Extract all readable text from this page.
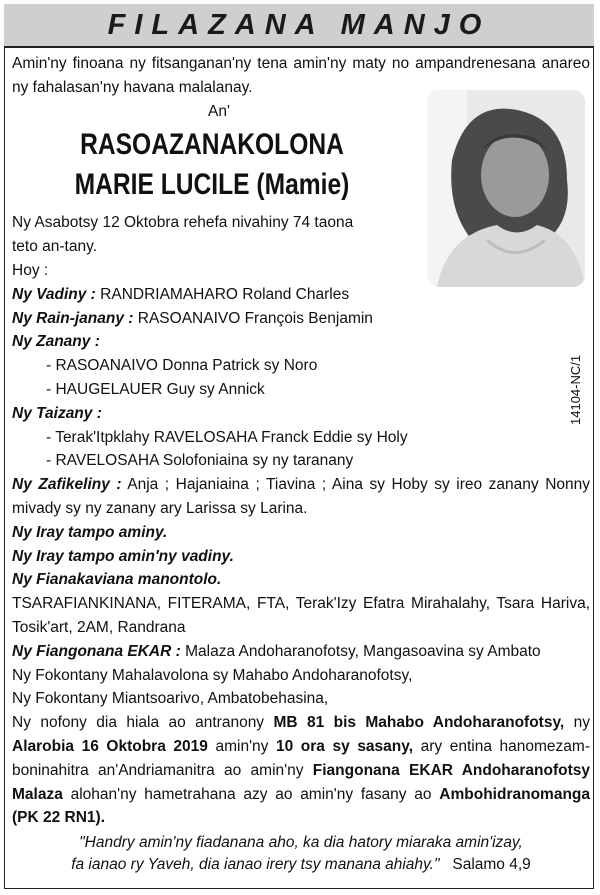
FILAZANA MANJO
14104-NC/1
Amin'ny finoana ny fitsanganan'ny tena amin'ny maty no ampandrenesana anareo ny fahalasan'ny havana malalanay.
An'
RASOAZANAKOLONA
MARIE LUCILE (Mamie)
Ny Asabotsy 12 Oktobra rehefa nivahiny 74 taona teto an-tany.
Hoy :
Ny Vadiny : RANDRIAMAHARO Roland Charles
Ny Rain-janany : RASOANAIVO François Benjamin
Ny Zanany :
- RASOANAIVO Donna Patrick sy Noro
- HAUGELAUER Guy sy Annick
Ny Taizany :
- Terak'Itpklahy RAVELOSAHA Franck Eddie sy Holy
- RAVELOSAHA Solofoniaina sy ny taranany
Ny Zafikeliny : Anja ; Hajaniaina ; Tiavina ; Aina sy Hoby sy ireo zanany Nonny mivady sy ny zanany ary Larissa sy Larina.
Ny Iray tampo aminy.
Ny Iray tampo amin'ny vadiny.
Ny Fianakaviana manontolo.
TSARAFIANKINANA, FITERAMA, FTA, Terak'Izy Efatra Mirahalahy, Tsara Hariva, Tosik'art, 2AM, Randrana
Ny Fiangonana EKAR : Malaza Andoharanofotsy, Mangasoavina sy Ambato
Ny Fokontany Mahalavolona sy Mahabo Andoharanofotsy,
Ny Fokontany Miantsoarivo, Ambatobehasina,
Ny nofony dia hiala ao antranony MB 81 bis Mahabo Andoharanofotsy, ny Alarobia 16 Oktobra 2019 amin'ny 10 ora sy sasany, ary entina hanomezam-boninahitra an'Andriamanitra ao amin'ny Fiangonana EKAR Andoharanofotsy Malaza alohan'ny hametrahana azy ao amin'ny fasany ao Ambohidranomanga (PK 22 RN1).
"Handry amin'ny fiadanana aho, ka dia hatory miaraka amin'izay,
fa ianao ry Yaveh, dia ianao irery tsy manana ahiahy." Salamo 4,9
